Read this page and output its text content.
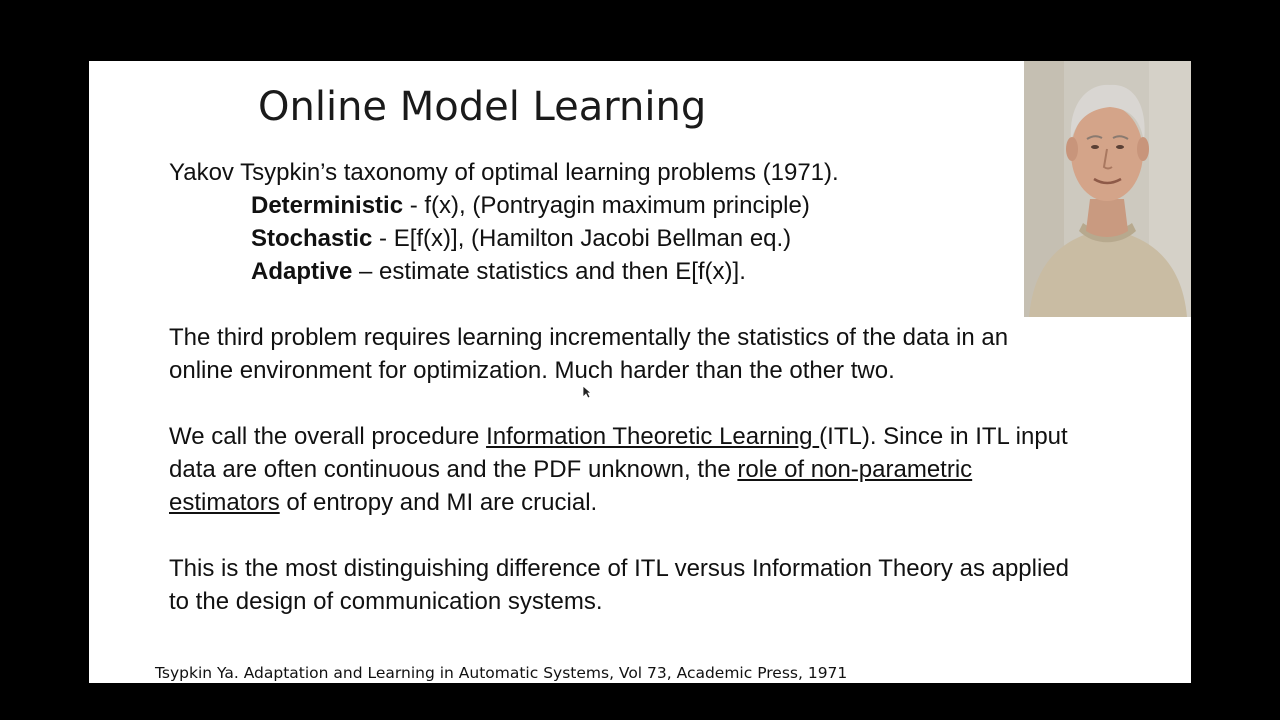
Online Model Learning

Yakov Tsypkin’s taxonomy of optimal learning problems (1971).

Deterministic - f(x), (Pontryagin maximum principle)

Stochastic - E[f(x)], (Hamilton Jacobi Bellman eq.)

Adaptive – estimate statistics and then E[f(x)].

The third problem requires learning incrementally the statistics of the data in an online environment for optimization. Much harder than the other two.

We call the overall procedure Information Theoretic Learning (ITL). Since in ITL input data are often continuous and the PDF unknown, the role of non-parametric estimators of entropy and MI are crucial.

This is the most distinguishing difference of ITL versus Information Theory as applied to the design of communication systems.

Tsypkin Ya. Adaptation and Learning in Automatic Systems, Vol 73, Academic Press, 1971
